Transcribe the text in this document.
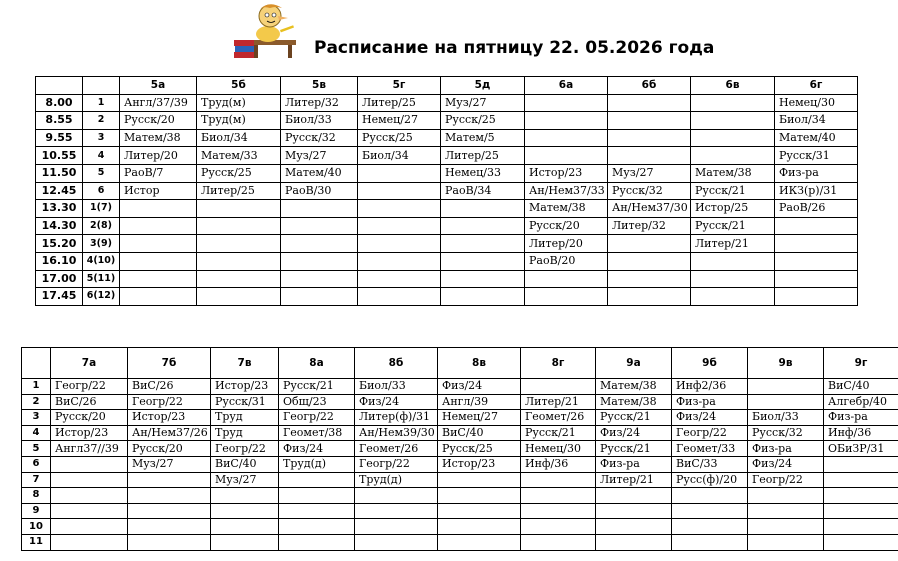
Расписание на пятницу 22. 05.2026 года
		5а	5б	5в	5г	5д	6а	6б	6в	6г
8.00	1	Англ/37/39	Труд(м)	Литер/32	Литер/25	Муз/27				Немец/30
8.55	2	Русск/20	Труд(м)	Биол/33	Немец/27	Русск/25				Биол/34
9.55	3	Матем/38	Биол/34	Русск/32	Русск/25	Матем/5				Матем/40
10.55	4	Литер/20	Матем/33	Муз/27	Биол/34	Литер/25				Русск/31
11.50	5	РаоВ/7	Русск/25	Матем/40		Немец/33	Истор/23	Муз/27	Матем/38	Физ-ра
12.45	6	Истор	Литер/25	РаоВ/30		РаоВ/34	Ан/Нем37/33	Русск/32	Русск/21	ИКЗ(р)/31
13.30	1(7)						Матем/38	Ан/Нем37/30	Истор/25	РаоВ/26
14.30	2(8)						Русск/20	Литер/32	Русск/21	
15.20	3(9)						Литер/20		Литер/21	
16.10	4(10)						РаоВ/20			
17.00	5(11)									
17.45	6(12)									
	7а	7б	7в	8а	8б	8в	8г	9а	9б	9в	9г
1	Геогр/22	ВиС/26	Истор/23	Русск/21	Биол/33	Физ/24		Матем/38	Инф2/36		ВиС/40
2	ВиС/26	Геогр/22	Русск/31	Общ/23	Физ/24	Англ/39	Литер/21	Матем/38	Физ-ра		Алгебр/40
3	Русск/20	Истор/23	Труд	Геогр/22	Литер(ф)/31	Немец/27	Геомет/26	Русск/21	Физ/24	Биол/33	Физ-ра
4	Истор/23	Ан/Нем37/26	Труд	Геомет/38	Ан/Нем39/30	ВиС/40	Русск/21	Физ/24	Геогр/22	Русск/32	Инф/36
5	Англ37//39	Русск/20	Геогр/22	Физ/24	Геомет/26	Русск/25	Немец/30	Русск/21	Геомет/33	Физ-ра	ОБиЗР/31
6		Муз/27	ВиС/40	Труд(д)	Геогр/22	Истор/23	Инф/36	Физ-ра	ВиС/33	Физ/24	
7			Муз/27		Труд(д)			Литер/21	Русс(ф)/20	Геогр/22	
8											
9											
10											
11											
